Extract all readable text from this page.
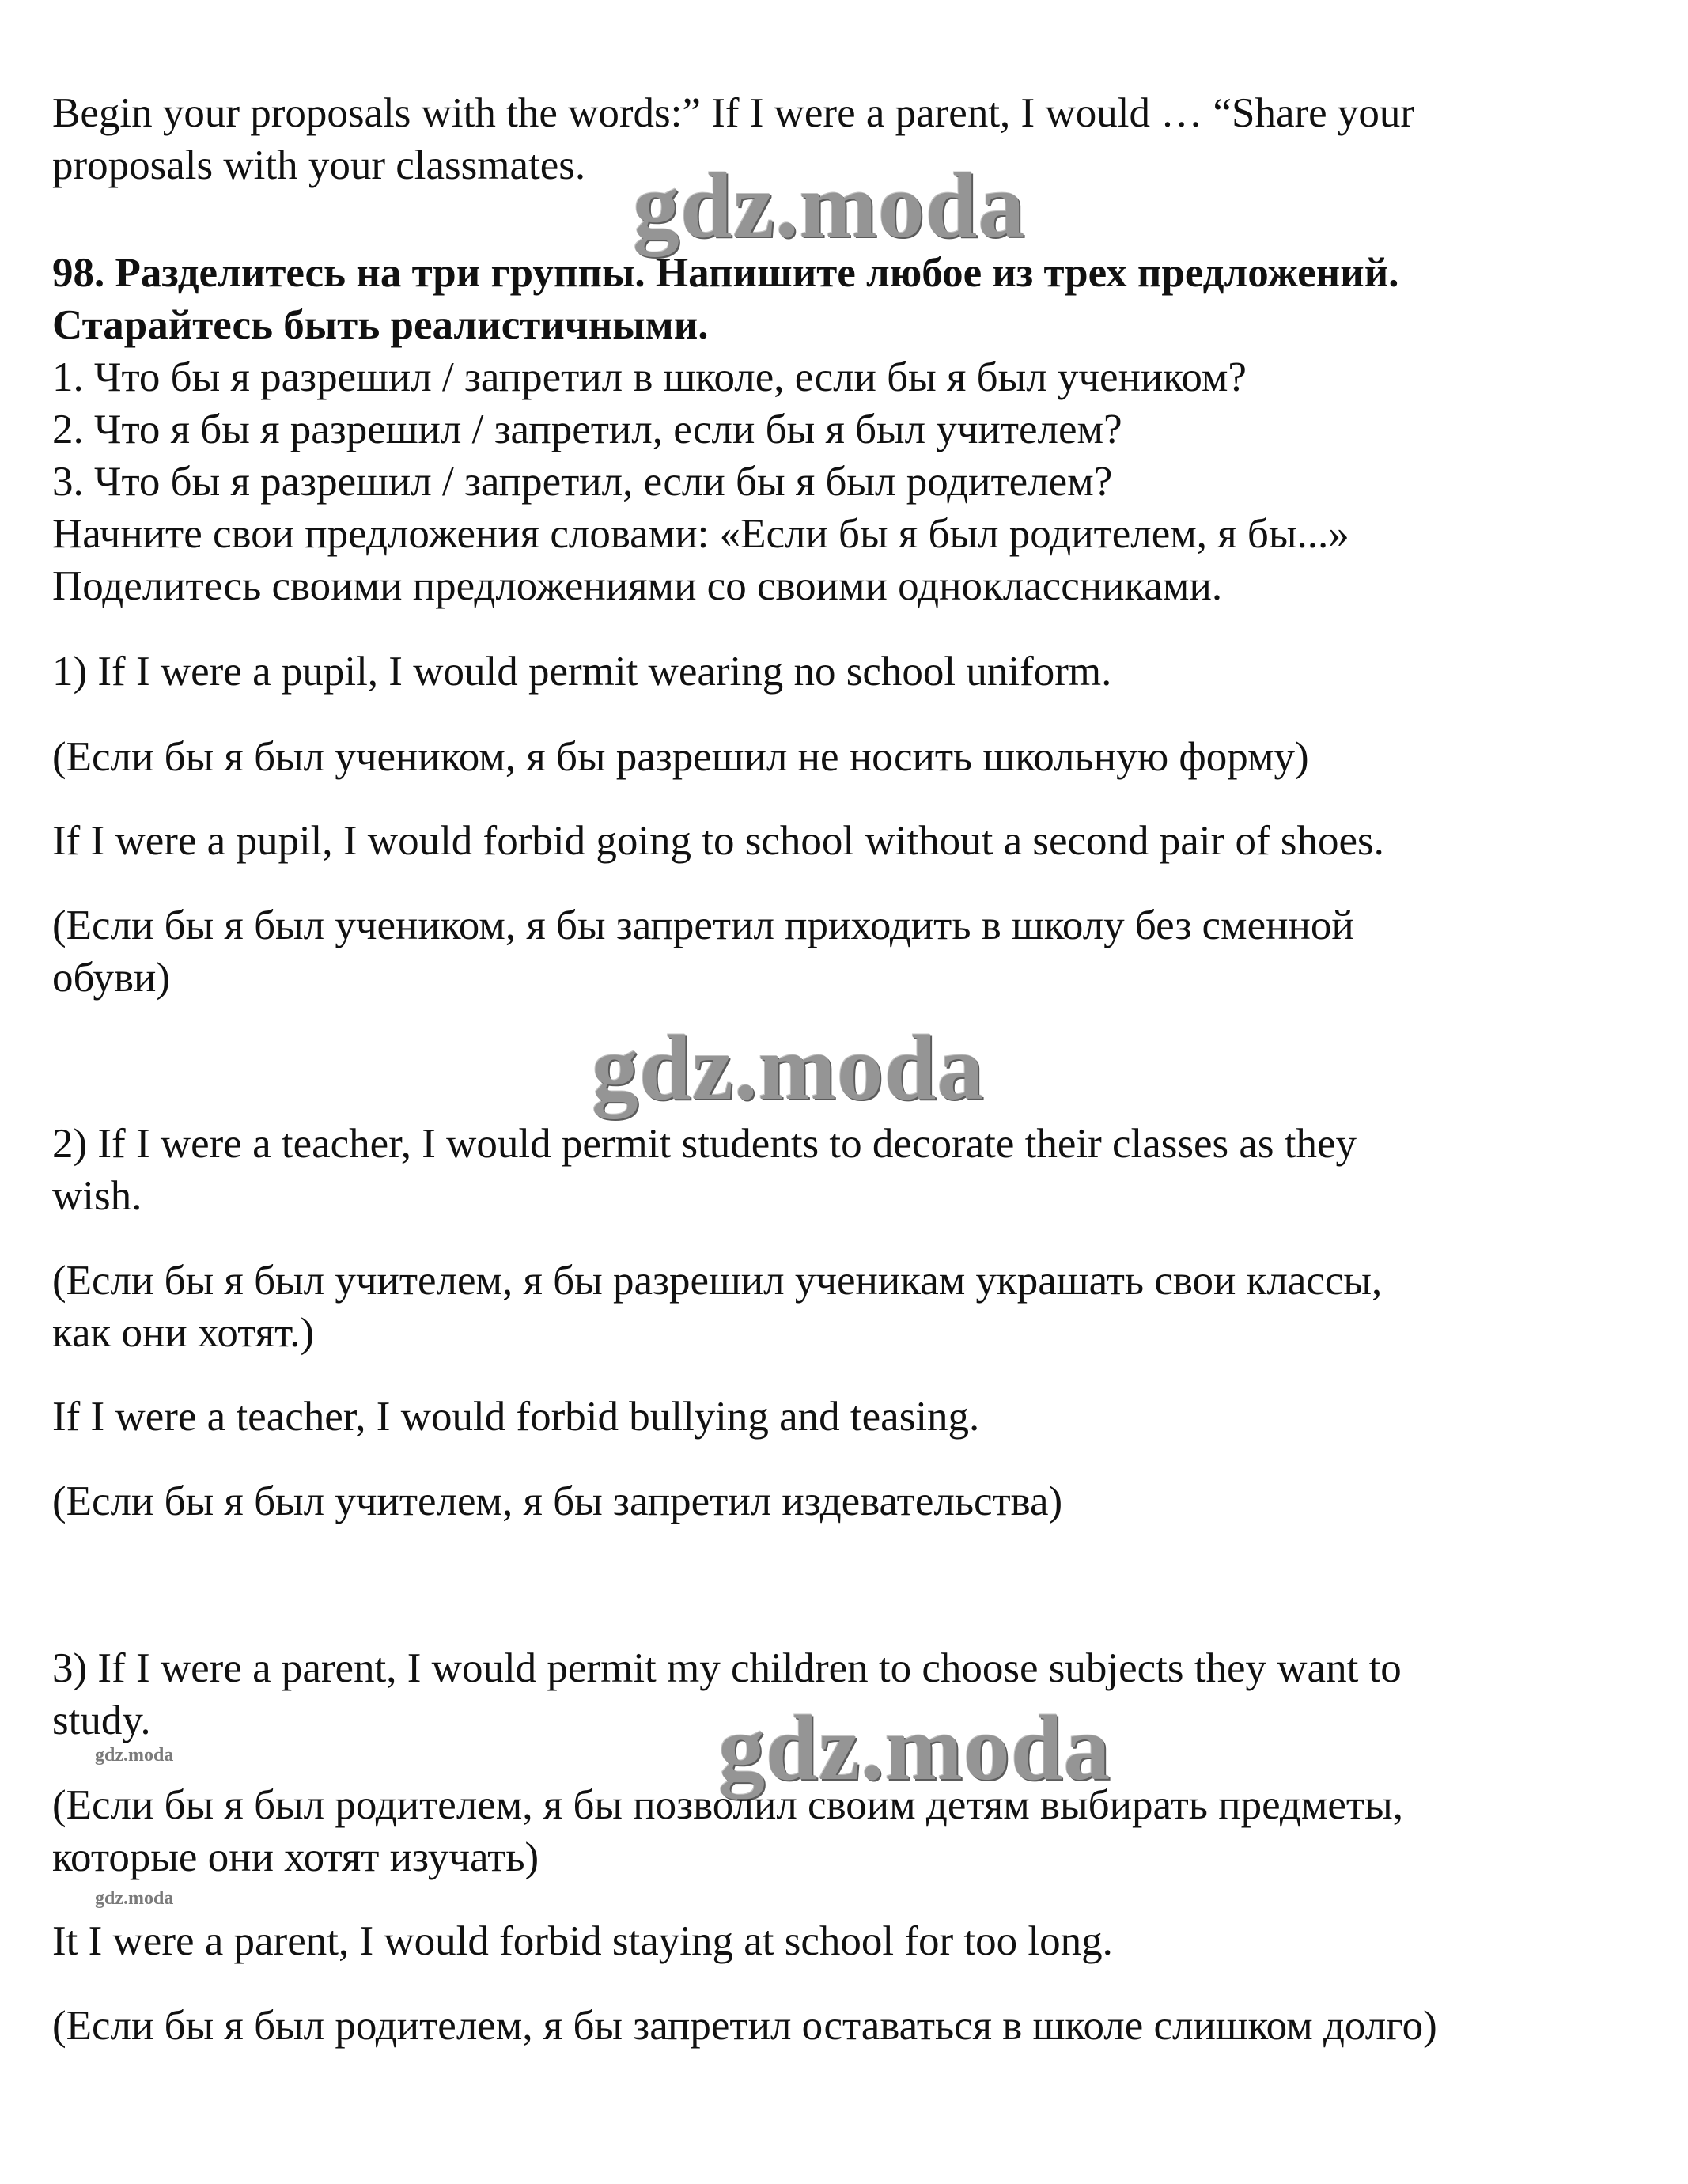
Begin your proposals with the words:” If I were a parent, I would … “Share your
proposals with your classmates. gdz.moda
98. Разделитесь на три группы. Напишите любое из трех предложений.
Старайтесь быть реалистичными.
1. Что бы я разрешил / запретил в школе, если бы я был учеником?
2. Что я бы я разрешил / запретил, если бы я был учителем?
3. Что бы я разрешил / запретил, если бы я был родителем?
Начните свои предложения словами: «Если бы я был родителем, я бы...»
Поделитесь своими предложениями со своими одноклассниками.
1) If I were a pupil, I would permit wearing no school uniform.
(Если бы я был учеником, я бы разрешил не носить школьную форму)
If I were a pupil, I would forbid going to school without a second pair of shoes.
(Если бы я был учеником, я бы запретил приходить в школу без сменной
обуви)
gdz.moda
2) If I were a teacher, I would permit students to decorate their classes as they
wish.
(Если бы я был учителем, я бы разрешил ученикам украшать свои классы,
как они хотят.)
If I were a teacher, I would forbid bullying and teasing.
(Если бы я был учителем, я бы запретил издевательства)
3) If I were a parent, I would permit my children to choose subjects they want to
study.	gdz.moda
gdz.moda
(Если бы я был родителем, я бы позволил своим детям выбирать предметы,
которые они хотят изучать)
gdz.moda
It I were a parent, I would forbid staying at school for too long.
(Если бы я был родителем, я бы запретил оставаться в школе слишком долго)
